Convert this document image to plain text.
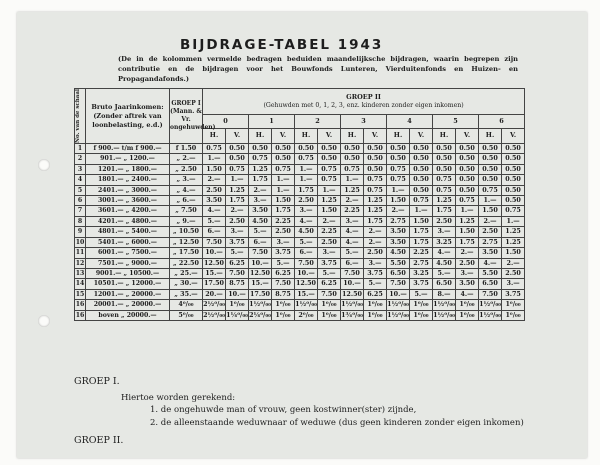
BIJDRAGE-TABEL 1943
(De in de kolommen vermelde bedragen beduiden maandelijksche bijdragen, waarin begrepen zijn contributie en de bijdragen voor het Bouwfonds Lunteren, Vierduitenfonds en Huizen- en Propagandafonds.)
No. van de schaal	Bruto Jaarinkomen: (Zonder aftrek van loonbelasting, e.d.)	GROEP I (Mann. & Vr. ongehuwden)	GROEP II
(Gehuwden met 0, 1, 2, 3, enz. kinderen zonder eigen inkomen)													
			0		1		2		3		4		5		6	
			H.	V.	H.	V.	H.	V.	H.	V.	H.	V.	H.	V.	H.	V.
1	f 900.— t/m f 900.—	f 1.50	0.75	0.50	0.50	0.50	0.50	0.50	0.50	0.50	0.50	0.50	0.50	0.50	0.50	0.50
2	901.— „ 1200.—	„ 2.—	1.—	0.50	0.75	0.50	0.75	0.50	0.50	0.50	0.50	0.50	0.50	0.50	0.50	0.50
3	1201.— „ 1800.—	„ 2.50	1.50	0.75	1.25	0.75	1.—	0.75	0.75	0.50	0.75	0.50	0.50	0.50	0.50	0.50
4	1801.— „ 2400.—	„ 3.—	2.—	1.—	1.75	1.—	1.—	0.75	1.—	0.75	0.75	0.50	0.75	0.50	0.50	0.50
5	2401.— „ 3000.—	„ 4.—	2.50	1.25	2.—	1.—	1.75	1.—	1.25	0.75	1.—	0.50	0.75	0.50	0.75	0.50
6	3001.— „ 3600.—	„ 6.—	3.50	1.75	3.—	1.50	2.50	1.25	2.—	1.25	1.50	0.75	1.25	0.75	1.—	0.50
7	3601.— „ 4200.—	„ 7.50	4.—	2.—	3.50	1.75	3.—	1.50	2.25	1.25	2.—	1.—	1.75	1.—	1.50	0.75
8	4201.— „ 4800.—	„ 9.—	5.—	2.50	4.50	2.25	4.—	2.—	3.—	1.75	2.75	1.50	2.50	1.25	2.—	1.—
9	4801.— „ 5400.—	„ 10.50	6.—	3.—	5.—	2.50	4.50	2.25	4.—	2.—	3.50	1.75	3.—	1.50	2.50	1.25
10	5401.— „ 6000.—	„ 12.50	7.50	3.75	6.—	3.—	5.—	2.50	4.—	2.—	3.50	1.75	3.25	1.75	2.75	1.25
11	6001.— „ 7500.—	„ 17.50	10.—	5.—	7.50	3.75	6.—	3.—	5.—	2.50	4.50	2.25	4.—	2.—	3.50	1.50
12	7501.— „ 9000.—	„ 22.50	12.50	6.25	10.—	5.—	7.50	3.75	6.—	3.—	5.50	2.75	4.50	2.50	4.—	2.—
13	9001.— „ 10500.—	„ 25.—	15.—	7.50	12.50	6.25	10.—	5.—	7.50	3.75	6.50	3.25	5.—	3.—	5.50	2.50
14	10501.— „ 12000.—	„ 30.—	17.50	8.75	15.—	7.50	12.50	6.25	10.—	5.—	7.50	3.75	6.50	3.50	6.50	3.—
15	12001.— „ 20000.—	„ 35.—	20.—	10.—	17.50	8.75	15.—	7.50	12.50	6.25	10.—	5.—	8.—	4.—	7.50	3.75
16	20001.— „ 20000.—	4⁰/₀₀	2½⁰/₀₀	1⁰/₀₀	1½⁰/₀₀	1⁰/₀₀	1½⁰/₀₀	1⁰/₀₀	1½⁰/₀₀	1⁰/₀₀	1½⁰/₀₀	1⁰/₀₀	1½⁰/₀₀	1⁰/₀₀	1½⁰/₀₀	1⁰/₀₀
16	boven „ 20000.—	5⁰/₀₀	2½⁰/₀₀	1¼⁰/₀₀	2¼⁰/₀₀	1⁰/₀₀	2⁰/₀₀	1⁰/₀₀	1¾⁰/₀₀	1⁰/₀₀	1½⁰/₀₀	1⁰/₀₀	1½⁰/₀₀	1⁰/₀₀	1½⁰/₀₀	1⁰/₀₀
GROEP I.
Hiertoe worden gerekend:
1. de ongehuwde man of vrouw, geen kostwinner(ster) zijnde,
2. de alleenstaande weduwnaar of weduwe (dus geen kinderen zonder eigen inkomen)
GROEP II.
